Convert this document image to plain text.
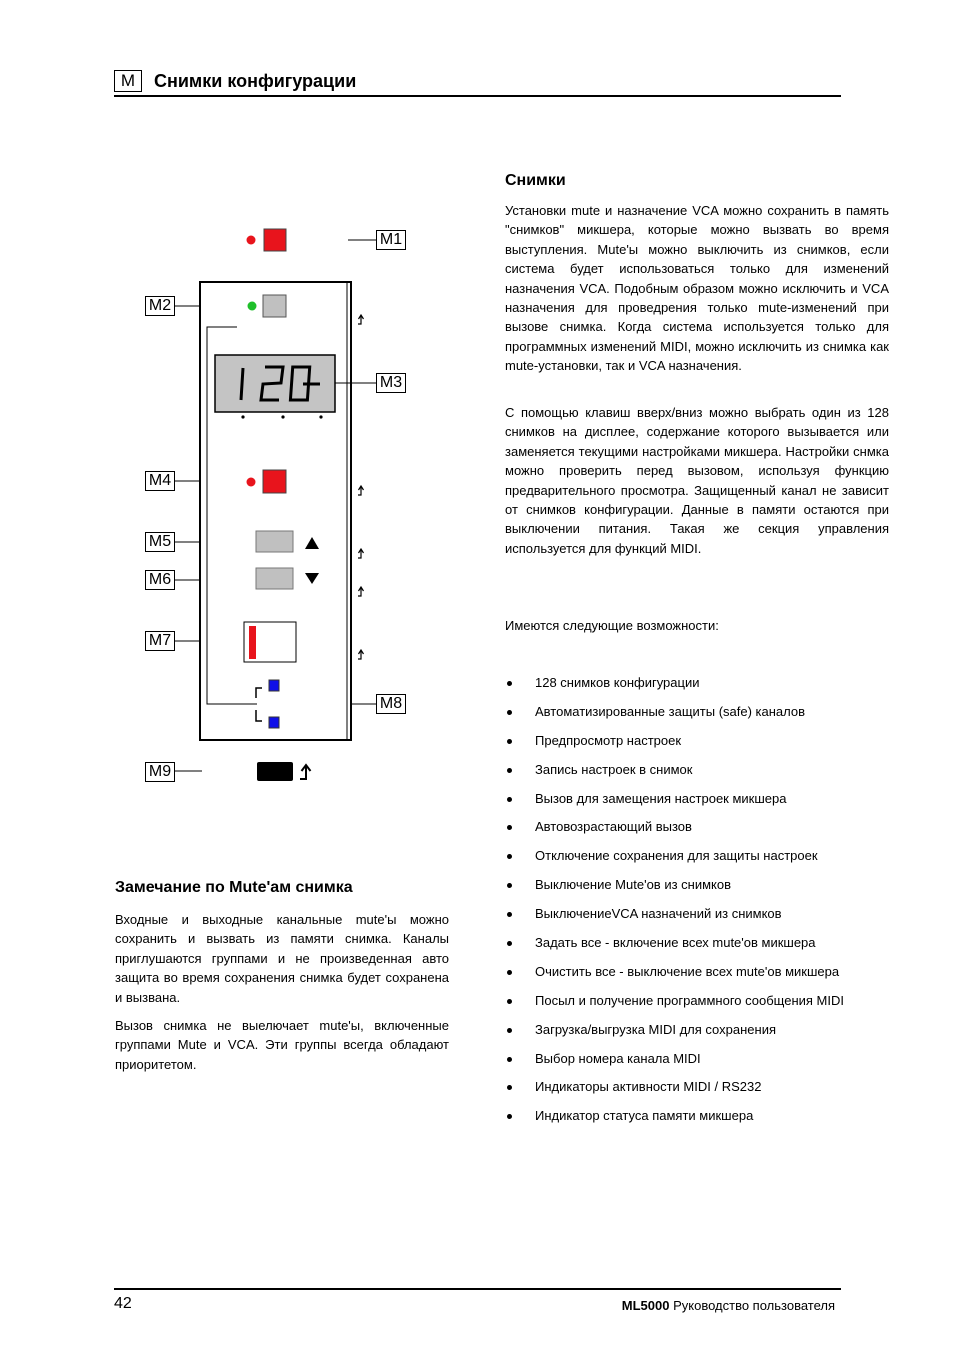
M	Снимки конфигурации
Снимки
Установки mute и назначение VCA можно сохранить в память "снимков" микшера, которые можно вызвать во время выступления. Mute'ы можно выключить из снимков, если система будет использоваться только для изменений назначения VCA. Подобным образом можно исключить и VCA назначения для проведрения только mute-изменений при вызове снимка. Когда система используется только для программных изменений MIDI, можно исключить из снимка как mute-установки, так и VCA назначения.
С помощью клавиш вверх/вниз можно выбрать один из 128 снимков на дисплее, содержание которого вызывается или заменяется текущими настройками микшера. Настройки снмка можно проверить перед вызовом, используя функцию предварительного просмотра. Защищенный канал не зависит от снимков конфигурации. Данные в памяти остаются при выключении питания. Такая же секция управления используется для функций MIDI.
Имеются следующие возможности:
128 снимков конфигурации
Автоматизированные защиты (safe) каналов
Предпросмотр настроек
Запись настроек в снимок
Вызов для замещения настроек микшера
Автовозрастающий вызов
Отключение сохранения для защиты настроек
Выключение Mute'ов из снимков
ВыключениеVCA назначений из снимков
Задать все - включение всех mute'ов микшера
Очистить все - выключение всех mute'ов микшера
Посыл и получение программного сообщения MIDI
Загрузка/выгрузка MIDI для сохранения
Выбор номера канала MIDI
Индикаторы активности MIDI / RS232
Индикатор статуса памяти микшера
Замечание по Mute'ам снимка
Входные и выходные канальные mute'ы можно сохранить и вызвать из памяти снимка. Каналы приглушаются группами и не произведенная авто защита во время сохранения снимка будет сохранена и вызвана.
Вызов снимка не выелючает mute'ы, включенные группами Mute и VCA. Эти группы всегда обладают приоритетом.
M1
M2
M3
M4
M5
M6
M7
M8
M9
42	ML5000 Руководство пользователя
